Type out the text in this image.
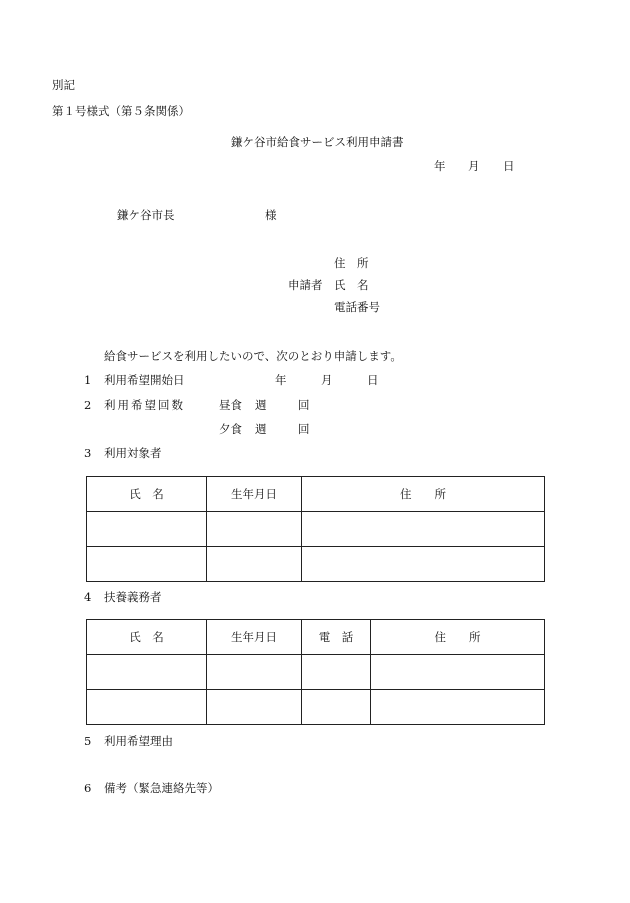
別記
第１号様式（第５条関係）
鎌ケ谷市給食サービス利用申請書
年 月 日
鎌ケ谷市長	様
住　所
申請者 氏　名
電話番号
給食サービスを利用したいので、次のとおり申請します。
1 利用希望開始日	年	月	日
2 利用希望回数	昼食 週	回
夕食 週	回
3 利用対象者
氏　名	生年月日	住　　所

4 扶養義務者
氏　名	生年月日	電　話	住　　所

5 利用希望理由
6 備考（緊急連絡先等）
